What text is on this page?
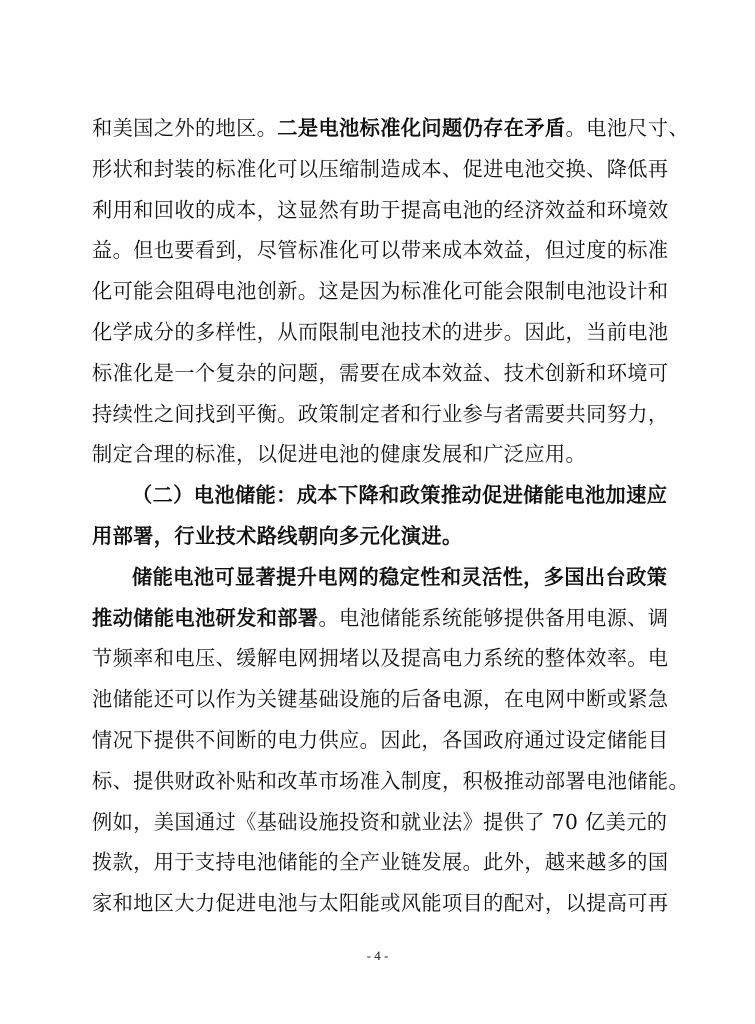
和美国之外的地区。二是电池标准化问题仍存在矛盾。电池尺寸、
形状和封装的标准化可以压缩制造成本、促进电池交换、降低再
利用和回收的成本，这显然有助于提高电池的经济效益和环境效
益。但也要看到，尽管标准化可以带来成本效益，但过度的标准
化可能会阻碍电池创新。这是因为标准化可能会限制电池设计和
化学成分的多样性，从而限制电池技术的进步。因此，当前电池
标准化是一个复杂的问题，需要在成本效益、技术创新和环境可
持续性之间找到平衡。政策制定者和行业参与者需要共同努力，
制定合理的标准，以促进电池的健康发展和广泛应用。
（二）电池储能：成本下降和政策推动促进储能电池加速应
用部署，行业技术路线朝向多元化演进。
储能电池可显著提升电网的稳定性和灵活性，多国出台政策
推动储能电池研发和部署。电池储能系统能够提供备用电源、调
节频率和电压、缓解电网拥堵以及提高电力系统的整体效率。电
池储能还可以作为关键基础设施的后备电源，在电网中断或紧急
情况下提供不间断的电力供应。因此，各国政府通过设定储能目
标、提供财政补贴和改革市场准入制度，积极推动部署电池储能。
例如，美国通过《基础设施投资和就业法》提供了 70 亿美元的
拨款，用于支持电池储能的全产业链发展。此外，越来越多的国
家和地区大力促进电池与太阳能或风能项目的配对，以提高可再
- 4 -
